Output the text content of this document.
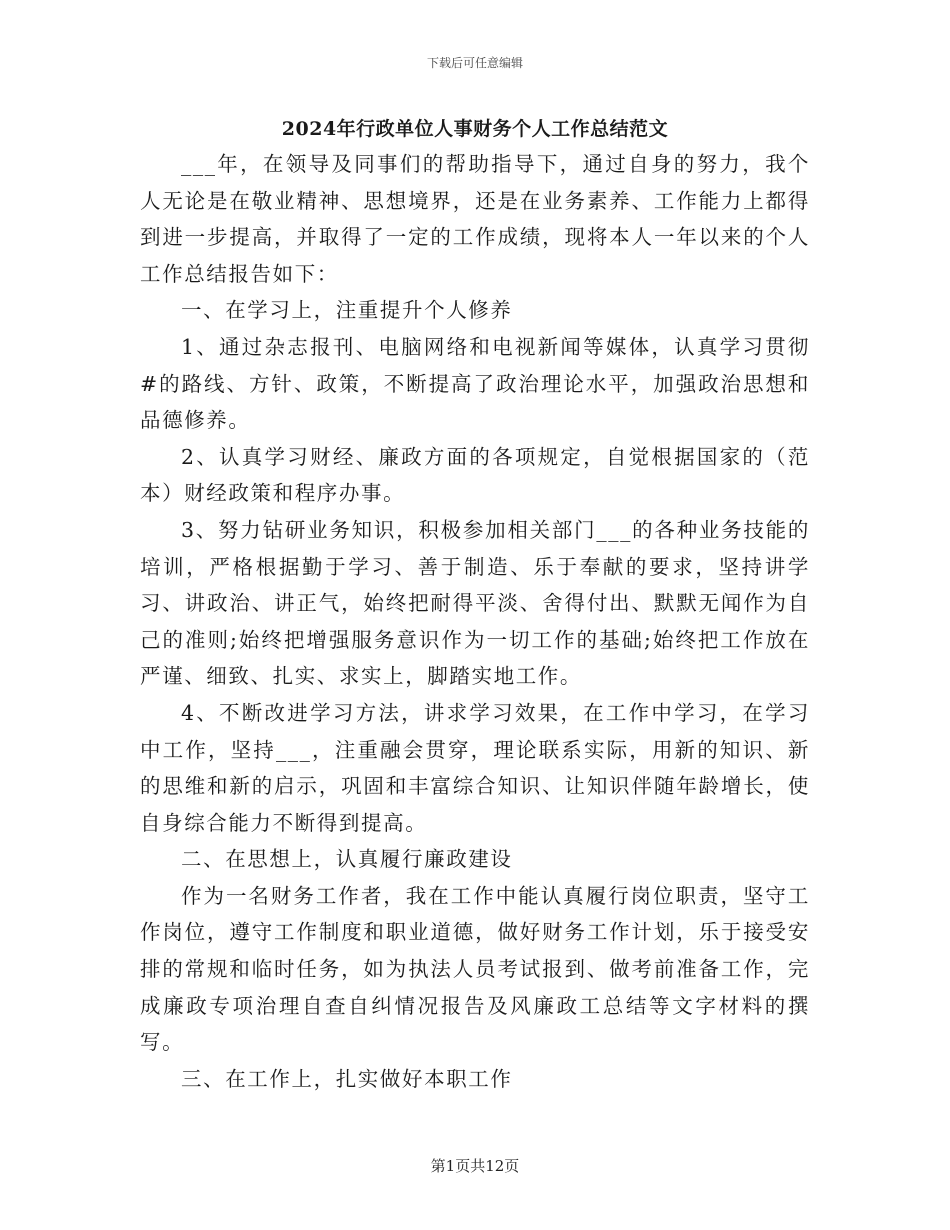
下载后可任意编辑
2024年行政单位人事财务个人工作总结范文

___年，在领导及同事们的帮助指导下，通过自身的努力，我个人无论是在敬业精神、思想境界，还是在业务素养、工作能力上都得到进一步提高，并取得了一定的工作成绩，现将本人一年以来的个人工作总结报告如下：

一、在学习上，注重提升个人修养

1、通过杂志报刊、电脑网络和电视新闻等媒体，认真学习贯彻#的路线、方针、政策，不断提高了政治理论水平，加强政治思想和品德修养。

2、认真学习财经、廉政方面的各项规定，自觉根据国家的（范本）财经政策和程序办事。

3、努力钻研业务知识，积极参加相关部门___的各种业务技能的培训，严格根据勤于学习、善于制造、乐于奉献的要求，坚持讲学习、讲政治、讲正气，始终把耐得平淡、舍得付出、默默无闻作为自己的准则;始终把增强服务意识作为一切工作的基础;始终把工作放在严谨、细致、扎实、求实上，脚踏实地工作。

4、不断改进学习方法，讲求学习效果，在工作中学习，在学习中工作，坚持___，注重融会贯穿，理论联系实际，用新的知识、新的思维和新的启示，巩固和丰富综合知识、让知识伴随年龄增长，使自身综合能力不断得到提高。

二、在思想上，认真履行廉政建设

作为一名财务工作者，我在工作中能认真履行岗位职责，坚守工作岗位，遵守工作制度和职业道德，做好财务工作计划，乐于接受安排的常规和临时任务，如为执法人员考试报到、做考前准备工作，完成廉政专项治理自查自纠情况报告及风廉政工总结等文字材料的撰写。

三、在工作上，扎实做好本职工作

第1页共12页
